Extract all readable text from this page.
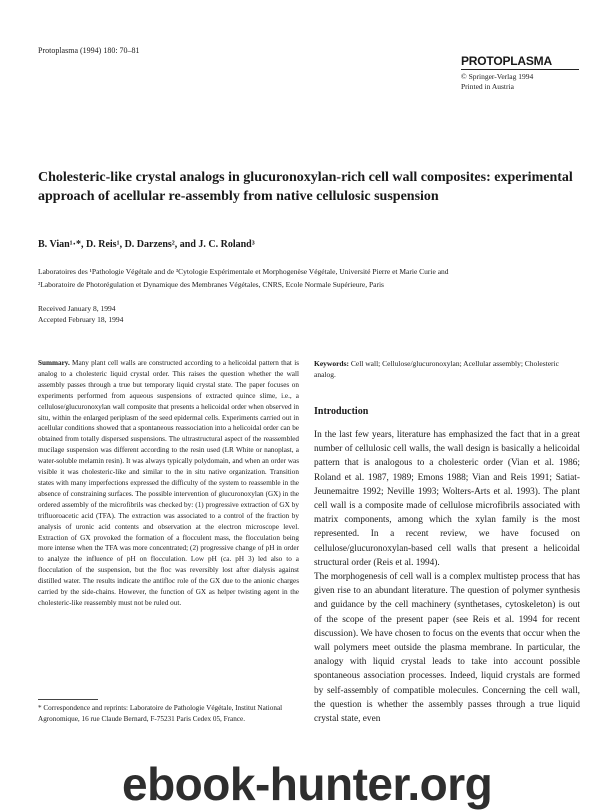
Protoplasma (1994) 180: 70–81
PROTOPLASMA
© Springer-Verlag 1994
Printed in Austria
Cholesteric-like crystal analogs in glucuronoxylan-rich cell wall composites: experimental approach of acellular re-assembly from native cellulosic suspension
B. Vian¹·*, D. Reis¹, D. Darzens², and J. C. Roland³
Laboratoires des ¹Pathologie Végétale and de ³Cytologie Expérimentale et Morphogenèse Végétale, Université Pierre et Marie Curie and
²Laboratoire de Photorégulation et Dynamique des Membranes Végétales, CNRS, Ecole Normale Supérieure, Paris
Received January 8, 1994
Accepted February 18, 1994
Summary. Many plant cell walls are constructed according to a helicoidal pattern that is analog to a cholesteric liquid crystal order. This raises the question whether the wall assembly passes through a true but temporary liquid crystal state. The paper focuses on experiments performed from aqueous suspensions of extracted quince slime, i.e., a cellulose/glucuronoxylan wall composite that presents a helicoidal order when observed in situ, within the enlarged periplasm of the seed epidermal cells. Experiments carried out in acellular conditions showed that a spontaneous reassociation into a helicoidal order can be obtained from totally dispersed suspensions. The ultrastructural aspect of the reassembled mucilage suspension was different according to the resin used (LR White or nanoplast, a water-soluble melamin resin). It was always typically polydomain, and when an order was visible it was cholesteric-like and similar to the in situ native organization. Transition states with many imperfections expressed the difficulty of the system to reassemble in the absence of constraining surfaces. The possible intervention of glucuronoxylan (GX) in the ordered assembly of the microfibrils was checked by: (1) progressive extraction of GX by trifluoroacetic acid (TFA). The extraction was associated to a control of the fraction by analysis of uronic acid contents and observation at the electron microscope level. Extraction of GX provoked the formation of a flocculent mass, the flocculation being more intense when the TFA was more concentrated; (2) progressive change of pH in order to analyze the influence of pH on flocculation. Low pH (ca. pH 3) led also to a flocculation of the suspension, but the floc was reversibly lost after dialysis against distilled water. The results indicate the antifloc role of the GX due to the anionic charges carried by the side-chains. However, the function of GX as helper twisting agent in the cholesteric-like reassembly must not be ruled out.
* Correspondence and reprints: Laboratoire de Pathologie Végétale, Institut National Agronomique, 16 rue Claude Bernard, F-75231 Paris Cedex 05, France.
Keywords: Cell wall; Cellulose/glucuronoxylan; Acellular assembly; Cholesteric analog.
Introduction

In the last few years, literature has emphasized the fact that in a great number of cellulosic cell walls, the wall design is basically a helicoidal pattern that is analogous to a cholesteric order (Vian et al. 1986; Roland et al. 1987, 1989; Emons 1988; Vian and Reis 1991; Satiat-Jeunemaitre 1992; Neville 1993; Wolters-Arts et al. 1993). The plant cell wall is a composite made of cellulose microfibrils associated with matrix components, among which the xylan family is the most represented. In a recent review, we have focused on cellulose/glucuronoxylan-based cell walls that present a helicoidal structural order (Reis et al. 1994).

The morphogenesis of cell wall is a complex multistep process that has given rise to an abundant literature. The question of polymer synthesis and guidance by the cell machinery (synthetases, cytoskeleton) is out of the scope of the present paper (see Reis et al. 1994 for recent discussion). We have chosen to focus on the events that occur when the wall polymers meet outside the plasma membrane. In particular, the analogy with liquid crystal leads to take into account possible spontaneous association processes. Indeed, liquid crystals are formed by self-assembly of compatible molecules. Concerning the cell wall, the question is whether the assembly passes through a true liquid crystal state, even

ebook-hunter.org
